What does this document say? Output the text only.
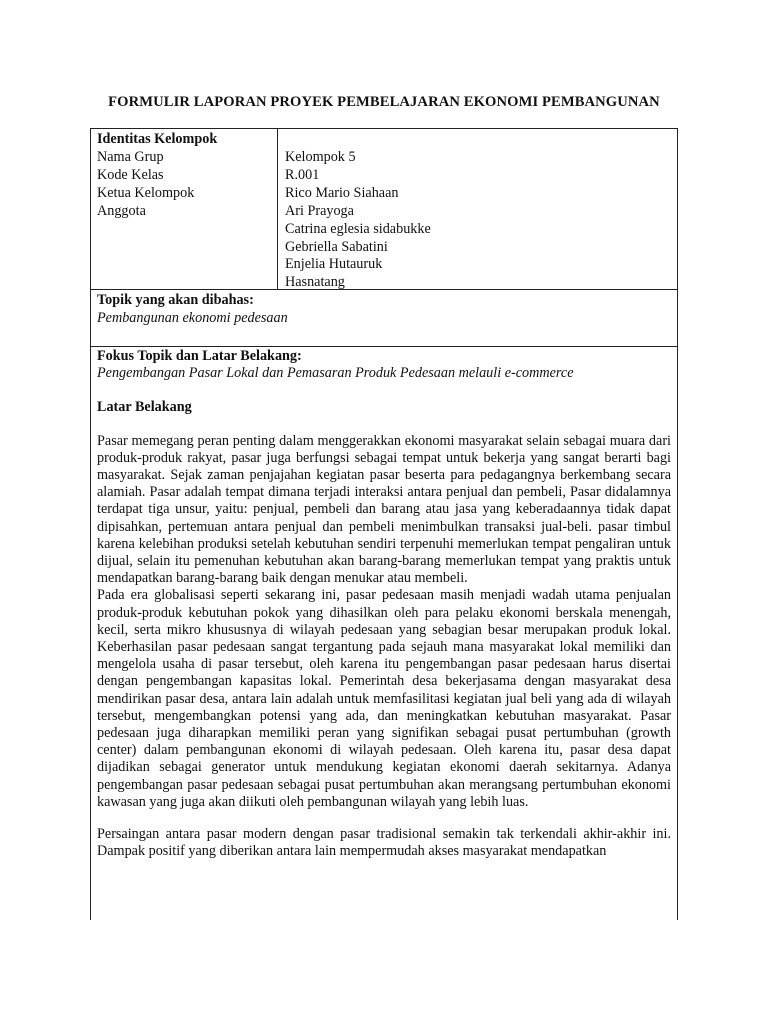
FORMULIR LAPORAN PROYEK PEMBELAJARAN EKONOMI PEMBANGUNAN
Identitas Kelompok
Nama Grup
Kode Kelas
Ketua Kelompok
Anggota
Kelompok 5
R.001
Rico Mario Siahaan
Ari Prayoga
Catrina eglesia sidabukke
Gebriella Sabatini
Enjelia Hutauruk
Hasnatang
Topik yang akan dibahas:
Pembangunan ekonomi pedesaan
Fokus Topik dan Latar Belakang:
Pengembangan Pasar Lokal dan Pemasaran Produk Pedesaan melauli e-commerce
Latar Belakang

Pasar memegang peran penting dalam menggerakkan ekonomi masyarakat selain sebagai muara dari produk-produk rakyat, pasar juga berfungsi sebagai tempat untuk bekerja yang sangat berarti bagi masyarakat. Sejak zaman penjajahan kegiatan pasar beserta para pedagangnya berkembang secara alamiah. Pasar adalah tempat dimana terjadi interaksi antara penjual dan pembeli, Pasar didalamnya terdapat tiga unsur, yaitu: penjual, pembeli dan barang atau jasa yang keberadaannya tidak dapat dipisahkan, pertemuan antara penjual dan pembeli menimbulkan transaksi jual-beli. pasar timbul karena kelebihan produksi setelah kebutuhan sendiri terpenuhi memerlukan tempat pengaliran untuk dijual, selain itu pemenuhan kebutuhan akan barang-barang memerlukan tempat yang praktis untuk mendapatkan barang-barang baik dengan menukar atau membeli.

Pada era globalisasi seperti sekarang ini, pasar pedesaan masih menjadi wadah utama penjualan produk-produk kebutuhan pokok yang dihasilkan oleh para pelaku ekonomi berskala menengah, kecil, serta mikro khususnya di wilayah pedesaan yang sebagian besar merupakan produk lokal. Keberhasilan pasar pedesaan sangat tergantung pada sejauh mana masyarakat lokal memiliki dan mengelola usaha di pasar tersebut, oleh karena itu pengembangan pasar pedesaan harus disertai dengan pengembangan kapasitas lokal. Pemerintah desa bekerjasama dengan masyarakat desa mendirikan pasar desa, antara lain adalah untuk memfasilitasi kegiatan jual beli yang ada di wilayah tersebut, mengembangkan potensi yang ada, dan meningkatkan kebutuhan masyarakat. Pasar pedesaan juga diharapkan memiliki peran yang signifikan sebagai pusat pertumbuhan (growth center) dalam pembangunan ekonomi di wilayah pedesaan. Oleh karena itu, pasar desa dapat dijadikan sebagai generator untuk mendukung kegiatan ekonomi daerah sekitarnya. Adanya pengembangan pasar pedesaan sebagai pusat pertumbuhan akan merangsang pertumbuhan ekonomi kawasan yang juga akan diikuti oleh pembangunan wilayah yang lebih luas.

Persaingan antara pasar modern dengan pasar tradisional semakin tak terkendali akhir-akhir ini. Dampak positif yang diberikan antara lain mempermudah akses masyarakat mendapatkan
